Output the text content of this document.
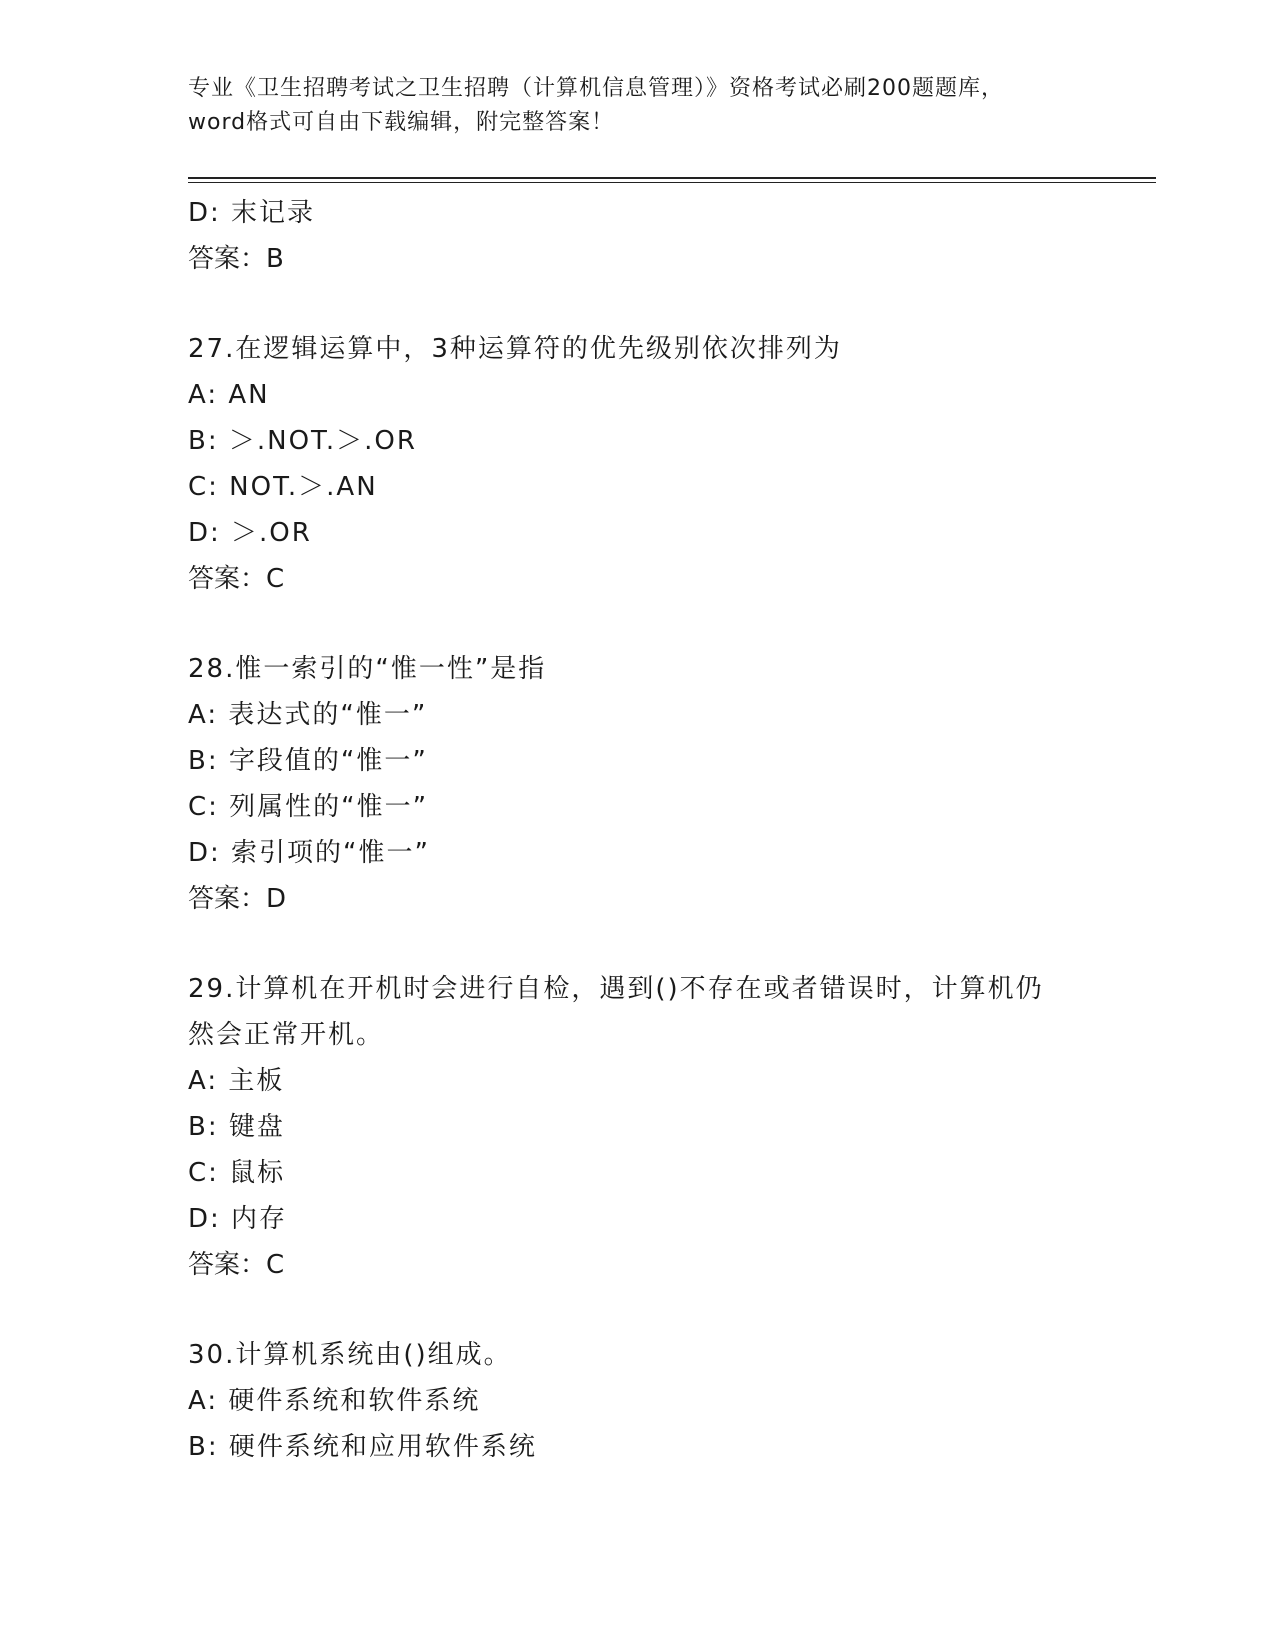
专业《卫生招聘考试之卫生招聘（计算机信息管理）》资格考试必刷200题题库，
word格式可自由下载编辑，附完整答案！
D: 末记录
答案：B
27.在逻辑运算中，3种运算符的优先级别依次排列为
A: AN
B: ＞.NOT.＞.OR
C: NOT.＞.AN
D: ＞.OR
答案：C
28.惟一索引的“惟一性”是指
A: 表达式的“惟一”
B: 字段值的“惟一”
C: 列属性的“惟一”
D: 索引项的“惟一”
答案：D
29.计算机在开机时会进行自检，遇到()不存在或者错误时，计算机仍
然会正常开机。
A: 主板
B: 键盘
C: 鼠标
D: 内存
答案：C
30.计算机系统由()组成。
A: 硬件系统和软件系统
B: 硬件系统和应用软件系统
